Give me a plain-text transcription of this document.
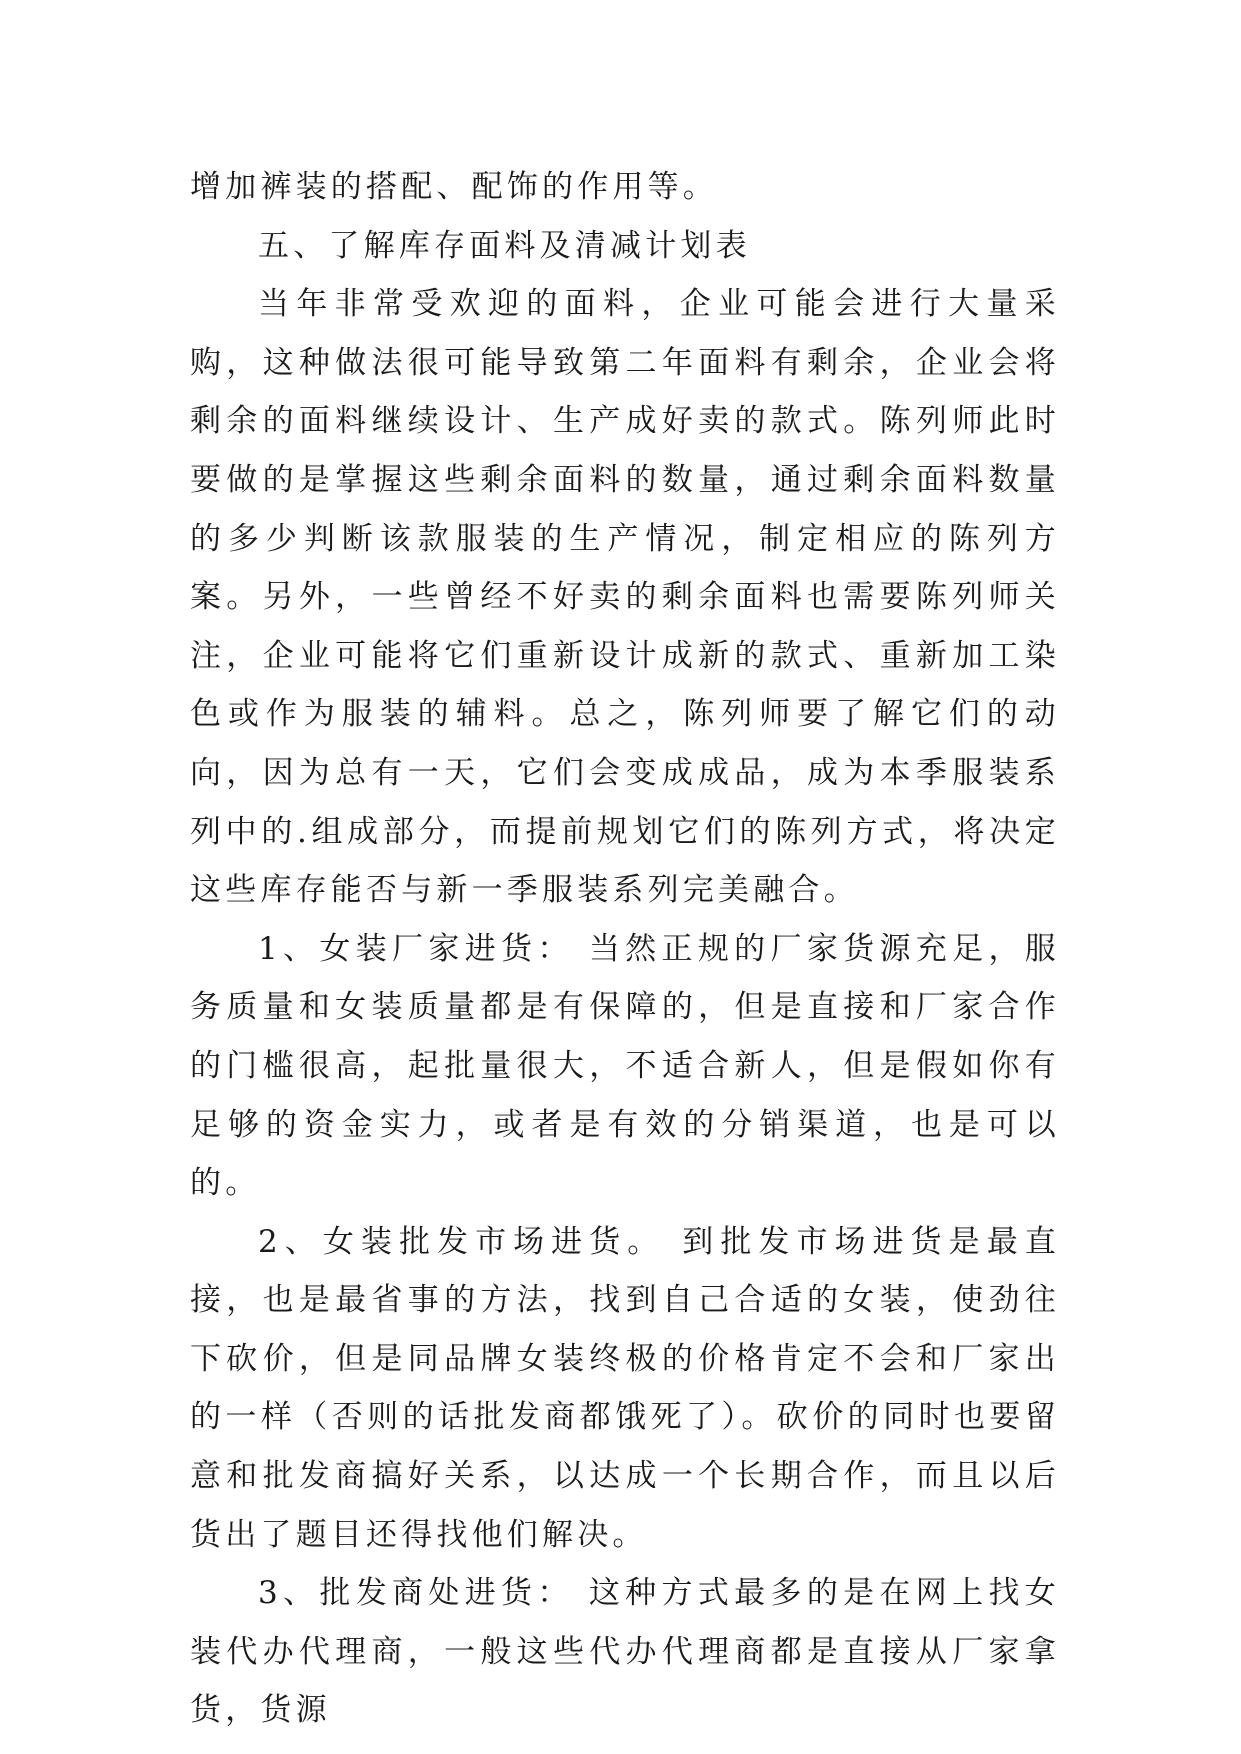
增加裤装的搭配、配饰的作用等。

五、了解库存面料及清减计划表

当年非常受欢迎的面料，企业可能会进行大量采购，这种做法很可能导致第二年面料有剩余，企业会将剩余的面料继续设计、生产成好卖的款式。陈列师此时要做的是掌握这些剩余面料的数量，通过剩余面料数量的多少判断该款服装的生产情况，制定相应的陈列方案。另外，一些曾经不好卖的剩余面料也需要陈列师关注，企业可能将它们重新设计成新的款式、重新加工染色或作为服装的辅料。总之，陈列师要了解它们的动向，因为总有一天，它们会变成成品，成为本季服装系列中的.组成部分，而提前规划它们的陈列方式，将决定这些库存能否与新一季服装系列完美融合。

1、女装厂家进货： 当然正规的厂家货源充足，服务质量和女装质量都是有保障的，但是直接和厂家合作的门槛很高，起批量很大，不适合新人，但是假如你有足够的资金实力，或者是有效的分销渠道，也是可以的。

2、女装批发市场进货。 到批发市场进货是最直接，也是最省事的方法，找到自己合适的女装，使劲往下砍价，但是同品牌女装终极的价格肯定不会和厂家出的一样（否则的话批发商都饿死了）。砍价的同时也要留意和批发商搞好关系，以达成一个长期合作，而且以后货出了题目还得找他们解决。

3、批发商处进货： 这种方式最多的是在网上找女装代办代理商，一般这些代办代理商都是直接从厂家拿货，货源
